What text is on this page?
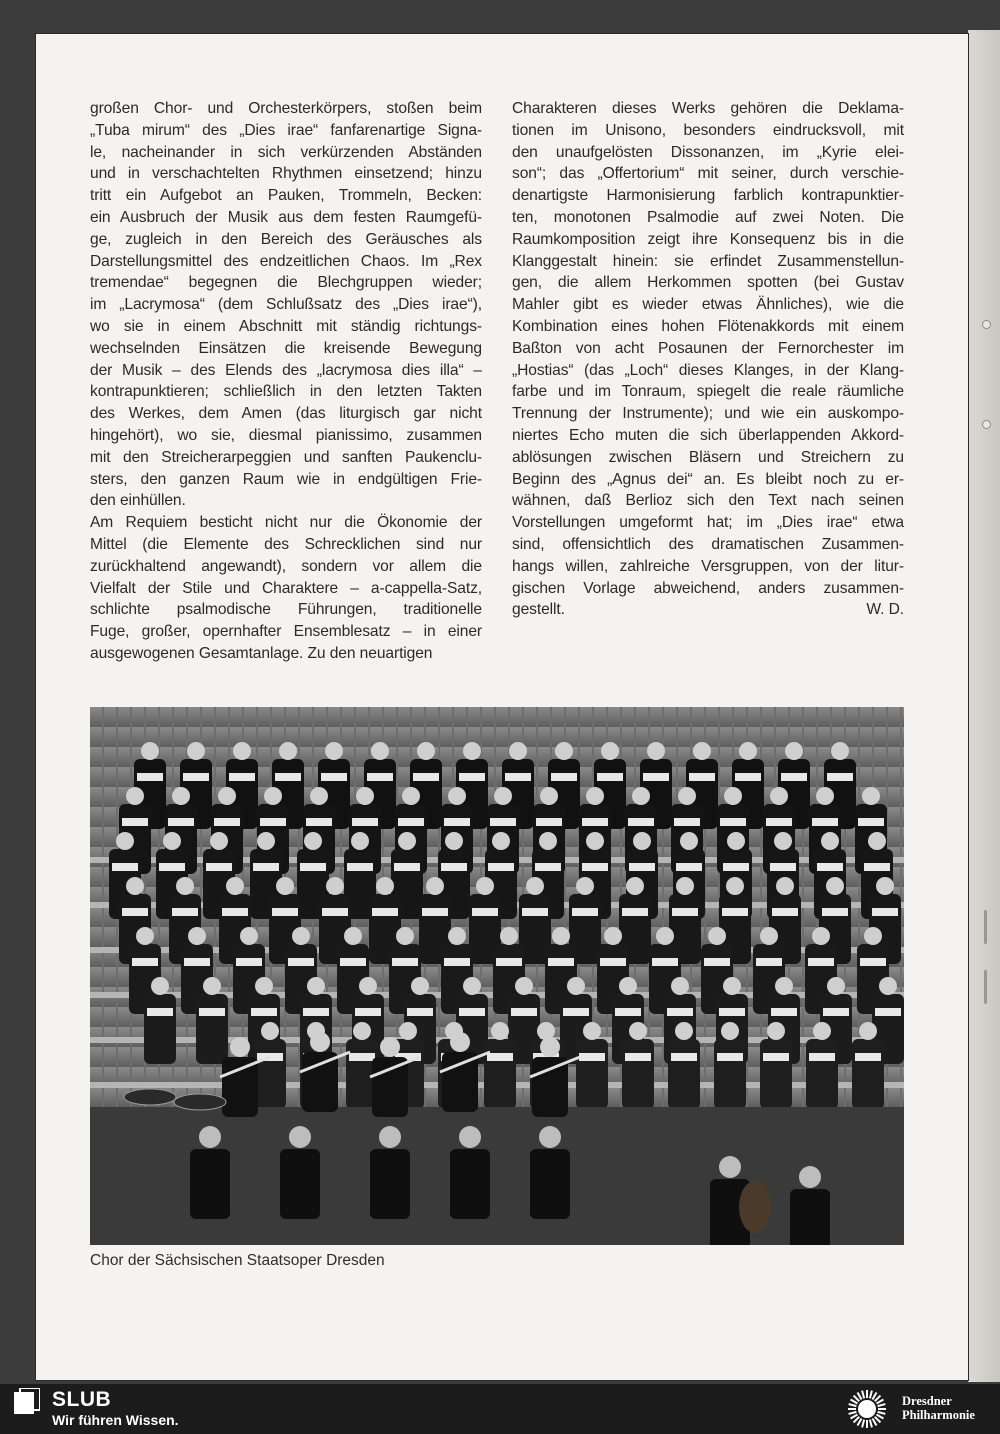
großen Chor- und Orchesterkörpers, stoßen beim
„Tuba mirum“ des „Dies irae“ fanfarenartige Signa-
le, nacheinander in sich verkürzenden Abständen
und in verschachtelten Rhythmen einsetzend; hinzu
tritt ein Aufgebot an Pauken, Trommeln, Becken:
ein Ausbruch der Musik aus dem festen Raumgefü-
ge, zugleich in den Bereich des Geräusches als
Darstellungsmittel des endzeitlichen Chaos. Im „Rex
tremendae“ begegnen die Blechgruppen wieder;
im „Lacrymosa“ (dem Schlußsatz des „Dies irae“),
wo sie in einem Abschnitt mit ständig richtungs-
wechselnden Einsätzen die kreisende Bewegung
der Musik – des Elends des „lacrymosa dies illa“ –
kontrapunktieren; schließlich in den letzten Takten
des Werkes, dem Amen (das liturgisch gar nicht
hingehört), wo sie, diesmal pianissimo, zusammen
mit den Streicherarpeggien und sanften Paukenclu-
sters, den ganzen Raum wie in endgültigen Frie-
den einhüllen.
Am Requiem besticht nicht nur die Ökonomie der
Mittel (die Elemente des Schrecklichen sind nur
zurückhaltend angewandt), sondern vor allem die
Vielfalt der Stile und Charaktere – a-cappella-Satz,
schlichte psalmodische Führungen, traditionelle
Fuge, großer, opernhafter Ensemblesatz – in einer
ausgewogenen Gesamtanlage. Zu den neuartigen
Charakteren dieses Werks gehören die Deklama-
tionen im Unisono, besonders eindrucksvoll, mit
den unaufgelösten Dissonanzen, im „Kyrie elei-
son“; das „Offertorium“ mit seiner, durch verschie-
denartigste Harmonisierung farblich kontrapunktier-
ten, monotonen Psalmodie auf zwei Noten. Die
Raumkomposition zeigt ihre Konsequenz bis in die
Klanggestalt hinein: sie erfindet Zusammenstellun-
gen, die allem Herkommen spotten (bei Gustav
Mahler gibt es wieder etwas Ähnliches), wie die
Kombination eines hohen Flötenakkords mit einem
Baßton von acht Posaunen der Fernorchester im
„Hostias“ (das „Loch“ dieses Klanges, in der Klang-
farbe und im Tonraum, spiegelt die reale räumliche
Trennung der Instrumente); und wie ein auskompo-
niertes Echo muten die sich überlappenden Akkord-
ablösungen zwischen Bläsern und Streichern zu
Beginn des „Agnus dei“ an. Es bleibt noch zu er-
wähnen, daß Berlioz sich den Text nach seinen
Vorstellungen umgeformt hat; im „Dies irae“ etwa
sind, offensichtlich des dramatischen Zusammen-
hangs willen, zahlreiche Versgruppen, von der litur-
gischen Vorlage abweichend, anders zusammen-
gestellt.	W. D.
Chor der Sächsischen Staatsoper Dresden
SLUB
Wir führen Wissen.
Dresdner
Philharmonie
